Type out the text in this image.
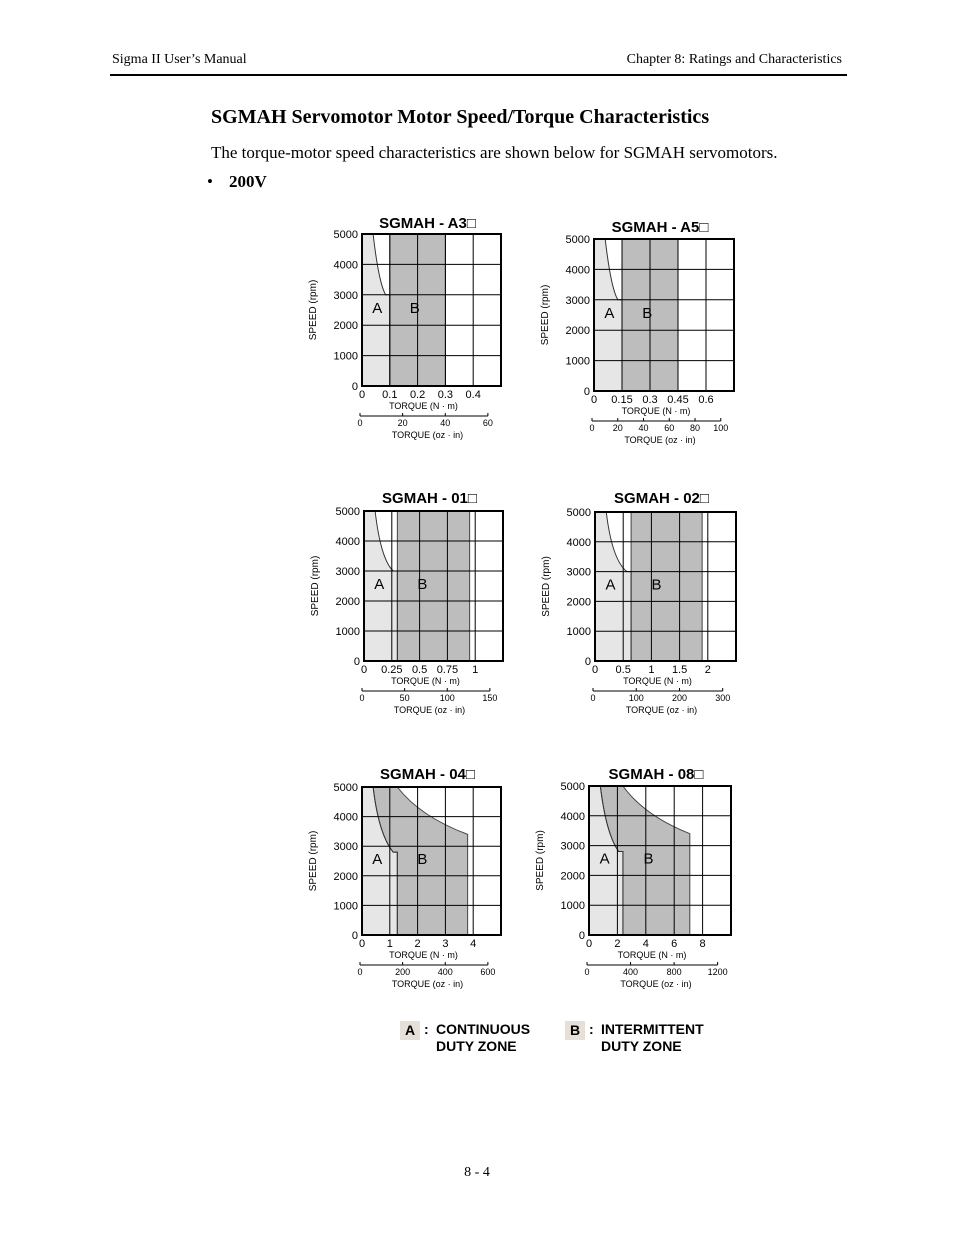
Sigma II User’s Manual	Chapter 8: Ratings and Characteristics
SGMAH Servomotor Motor Speed/Torque Characteristics
The torque-motor speed characteristics are shown below for SGMAH servomotors.
• 200V
SGMAH - A3□
5000
4000
3000
2000
1000
0
SPEED (rpm)
0 0.1 0.2 0.3 0.4
TORQUE (N · m)
0	20	40	60
TORQUE (oz · in)
A B
SGMAH - A5□
5000
4000
3000
2000
1000
0
SPEED (rpm)
0 0.15 0.3 0.45 0.6
TORQUE (N · m)
0 20 40 60 80 100
TORQUE (oz · in)
A B
SGMAH - 01□
5000
4000
3000
2000
1000
0
SPEED (rpm)
0 0.25 0.5 0.75 1
TORQUE (N · m)
0	50	100	150
TORQUE (oz · in)
A B
SGMAH - 02□
5000
4000
3000
2000
1000
0
SPEED (rpm)
0 0.5 1 1.5 2
TORQUE (N · m)
0	100	200	300
TORQUE (oz · in)
A B
SGMAH - 04□
5000
4000
3000
2000
1000
0
SPEED (rpm)
0 1 2 3 4
TORQUE (N · m)
0	200	400	600
TORQUE (oz · in)
A B
SGMAH - 08□
5000
4000
3000
2000
1000
0
SPEED (rpm)
0 2 4 6 8
TORQUE (N · m)
0	400	800	1200
TORQUE (oz · in)
A B
A : CONTINUOUS
DUTY ZONE
B : INTERMITTENT
DUTY ZONE
8 - 4
